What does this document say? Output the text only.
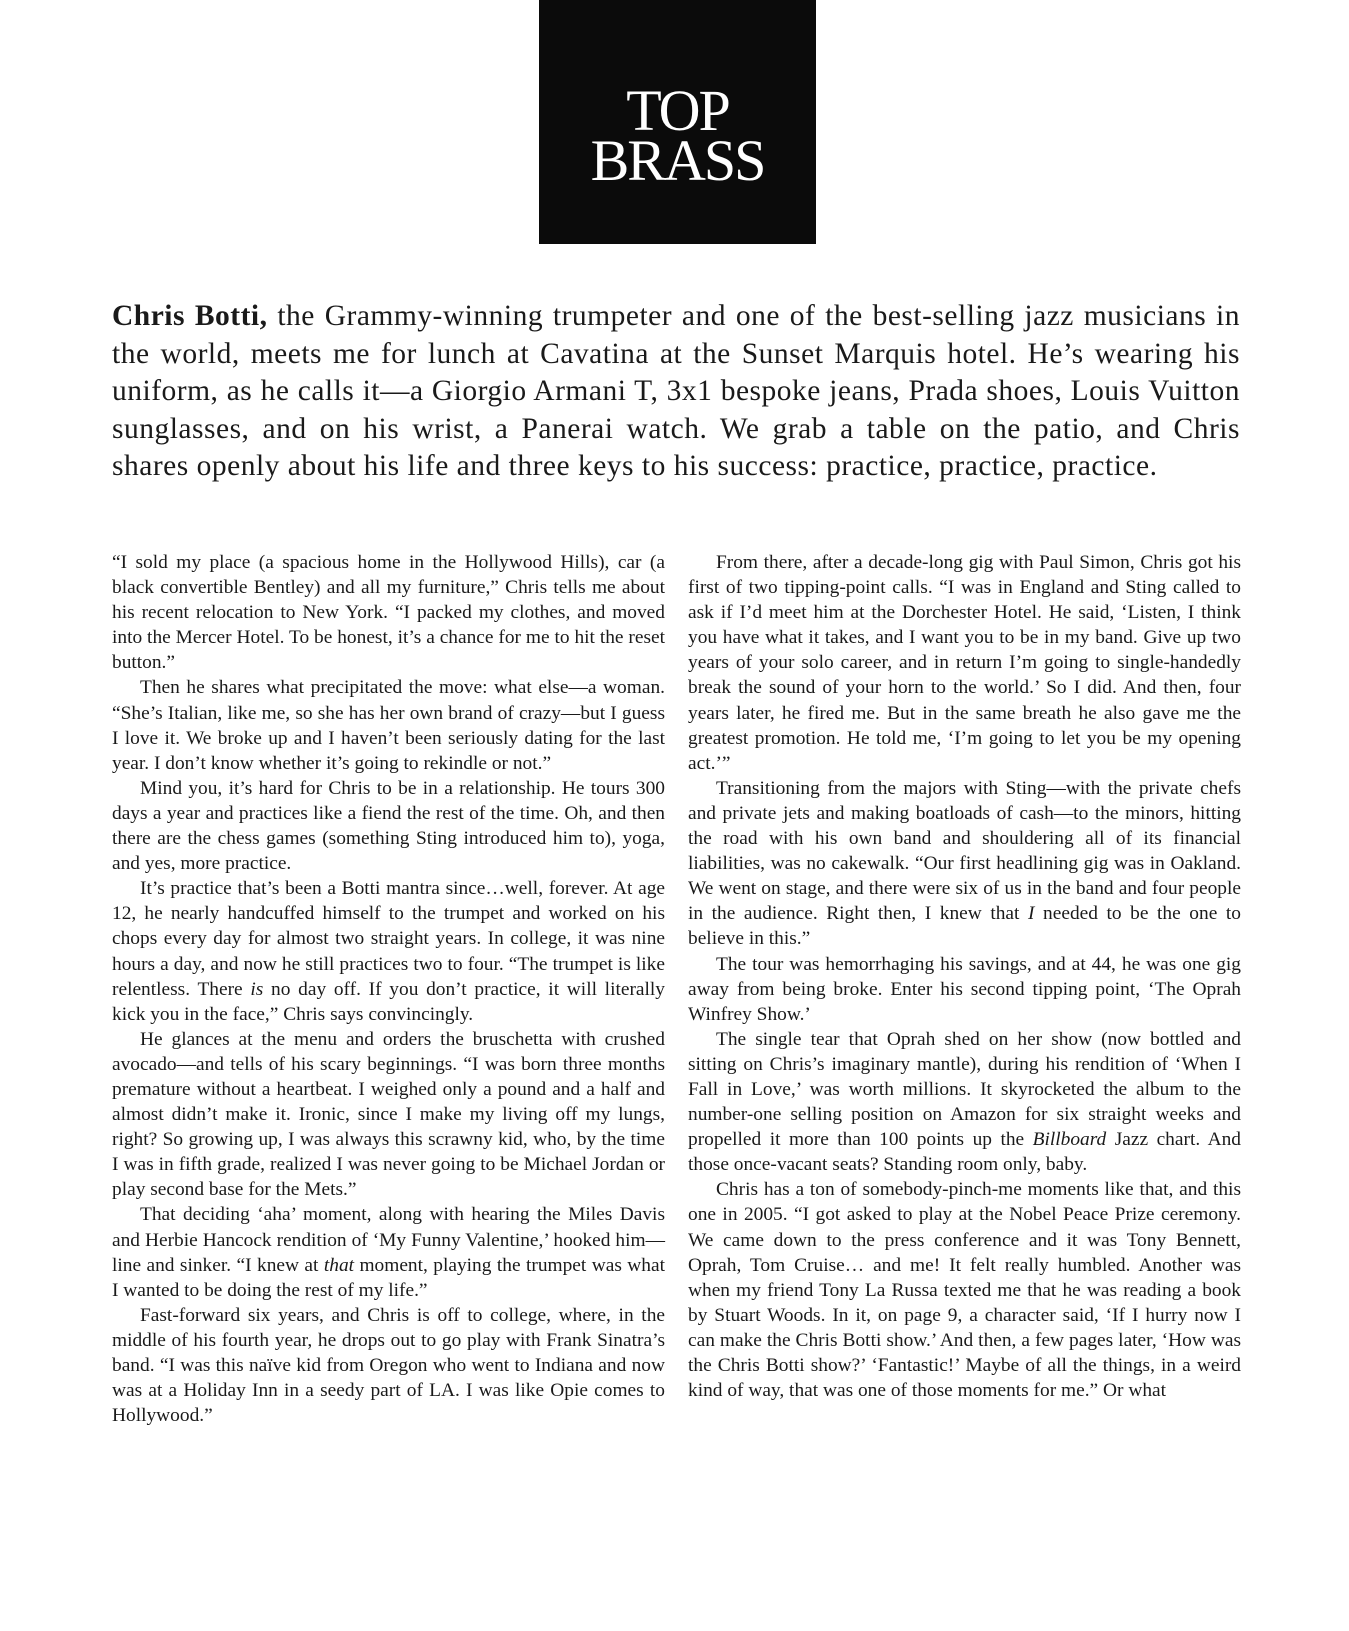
TOP
BRASS

Chris Botti, the Grammy-winning trumpeter and one of the best-selling jazz musicians in the world, meets me for lunch at Cavatina at the Sunset Marquis hotel. He’s wearing his uniform, as he calls it—a Giorgio Armani T, 3x1 bespoke jeans, Prada shoes, Louis Vuitton sunglasses, and on his wrist, a Panerai watch. We grab a table on the patio, and Chris shares openly about his life and three keys to his success: practice, practice, practice.

“I sold my place (a spacious home in the Hollywood Hills), car (a black convertible Bentley) and all my furniture,” Chris tells me about his recent relocation to New York. “I packed my clothes, and moved into the Mercer Hotel. To be honest, it’s a chance for me to hit the reset button.”

Then he shares what precipitated the move: what else—a woman. “She’s Italian, like me, so she has her own brand of crazy—but I guess I love it. We broke up and I haven’t been seriously dating for the last year. I don’t know whether it’s going to rekindle or not.”

Mind you, it’s hard for Chris to be in a relationship. He tours 300 days a year and practices like a fiend the rest of the time. Oh, and then there are the chess games (something Sting introduced him to), yoga, and yes, more practice.

It’s practice that’s been a Botti mantra since…well, forever. At age 12, he nearly handcuffed himself to the trumpet and worked on his chops every day for almost two straight years. In college, it was nine hours a day, and now he still practices two to four. “The trumpet is like relentless. There is no day off. If you don’t practice, it will literally kick you in the face,” Chris says convincingly.

He glances at the menu and orders the bruschetta with crushed avocado—and tells of his scary beginnings. “I was born three months premature without a heartbeat. I weighed only a pound and a half and almost didn’t make it. Ironic, since I make my living off my lungs, right? So growing up, I was always this scrawny kid, who, by the time I was in fifth grade, realized I was never going to be Michael Jordan or play second base for the Mets.”

That deciding ‘aha’ moment, along with hearing the Miles Davis and Herbie Hancock rendition of ‘My Funny Valentine,’ hooked him—line and sinker. “I knew at that moment, playing the trumpet was what I wanted to be doing the rest of my life.”

Fast-forward six years, and Chris is off to college, where, in the middle of his fourth year, he drops out to go play with Frank Sinatra’s band. “I was this naïve kid from Oregon who went to Indiana and now was at a Holiday Inn in a seedy part of LA. I was like Opie comes to Hollywood.”

From there, after a decade-long gig with Paul Simon, Chris got his first of two tipping-point calls. “I was in England and Sting called to ask if I’d meet him at the Dorchester Hotel. He said, ‘Listen, I think you have what it takes, and I want you to be in my band. Give up two years of your solo career, and in return I’m going to single-handedly break the sound of your horn to the world.’ So I did. And then, four years later, he fired me. But in the same breath he also gave me the greatest promotion. He told me, ‘I’m going to let you be my opening act.’”

Transitioning from the majors with Sting—with the private chefs and private jets and making boatloads of cash—to the minors, hitting the road with his own band and shouldering all of its financial liabilities, was no cakewalk. “Our first headlining gig was in Oakland. We went on stage, and there were six of us in the band and four people in the audience. Right then, I knew that I needed to be the one to believe in this.”

The tour was hemorrhaging his savings, and at 44, he was one gig away from being broke. Enter his second tipping point, ‘The Oprah Winfrey Show.’

The single tear that Oprah shed on her show (now bottled and sitting on Chris’s imaginary mantle), during his rendition of ‘When I Fall in Love,’ was worth millions. It skyrocketed the album to the number-one selling position on Amazon for six straight weeks and propelled it more than 100 points up the Billboard Jazz chart. And those once-vacant seats? Standing room only, baby.

Chris has a ton of somebody-pinch-me moments like that, and this one in 2005. “I got asked to play at the Nobel Peace Prize ceremony. We came down to the press conference and it was Tony Bennett, Oprah, Tom Cruise… and me! It felt really humbled. Another was when my friend Tony La Russa texted me that he was reading a book by Stuart Woods. In it, on page 9, a character said, ‘If I hurry now I can make the Chris Botti show.’ And then, a few pages later, ‘How was the Chris Botti show?’ ‘Fantastic!’ Maybe of all the things, in a weird kind of way, that was one of those moments for me.” Or what
